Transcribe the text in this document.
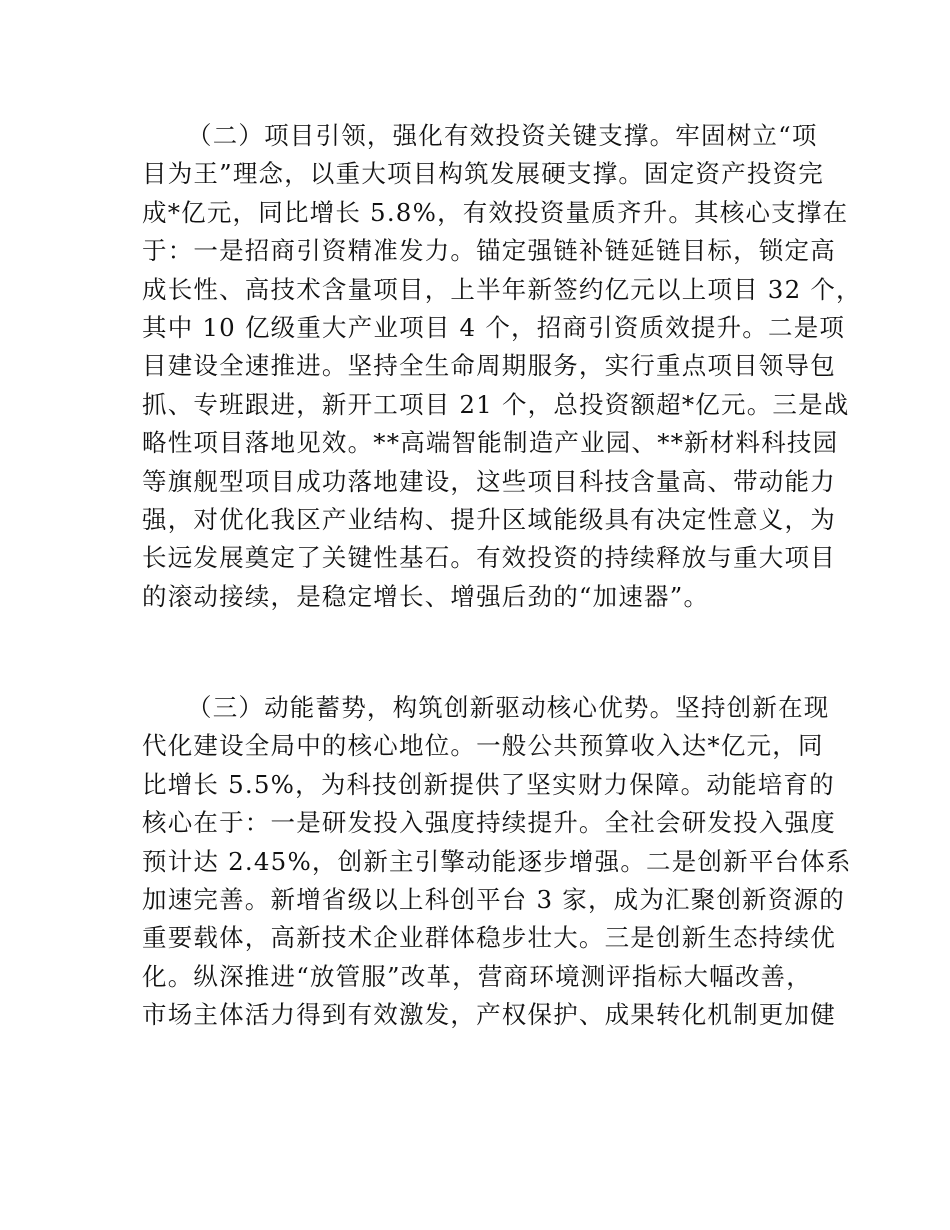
（二）项目引领，强化有效投资关键支撑。牢固树立“项
目为王”理念，以重大项目构筑发展硬支撑。固定资产投资完
成*亿元，同比增长 5.8%，有效投资量质齐升。其核心支撑在
于：一是招商引资精准发力。锚定强链补链延链目标，锁定高
成长性、高技术含量项目，上半年新签约亿元以上项目 32 个，
其中 10 亿级重大产业项目 4 个，招商引资质效提升。二是项
目建设全速推进。坚持全生命周期服务，实行重点项目领导包
抓、专班跟进，新开工项目 21 个，总投资额超*亿元。三是战
略性项目落地见效。**高端智能制造产业园、**新材料科技园
等旗舰型项目成功落地建设，这些项目科技含量高、带动能力
强，对优化我区产业结构、提升区域能级具有决定性意义，为
长远发展奠定了关键性基石。有效投资的持续释放与重大项目
的滚动接续，是稳定增长、增强后劲的“加速器”。
（三）动能蓄势，构筑创新驱动核心优势。坚持创新在现
代化建设全局中的核心地位。一般公共预算收入达*亿元，同
比增长 5.5%，为科技创新提供了坚实财力保障。动能培育的
核心在于：一是研发投入强度持续提升。全社会研发投入强度
预计达 2.45%，创新主引擎动能逐步增强。二是创新平台体系
加速完善。新增省级以上科创平台 3 家，成为汇聚创新资源的
重要载体，高新技术企业群体稳步壮大。三是创新生态持续优
化。纵深推进“放管服”改革，营商环境测评指标大幅改善，
市场主体活力得到有效激发，产权保护、成果转化机制更加健
